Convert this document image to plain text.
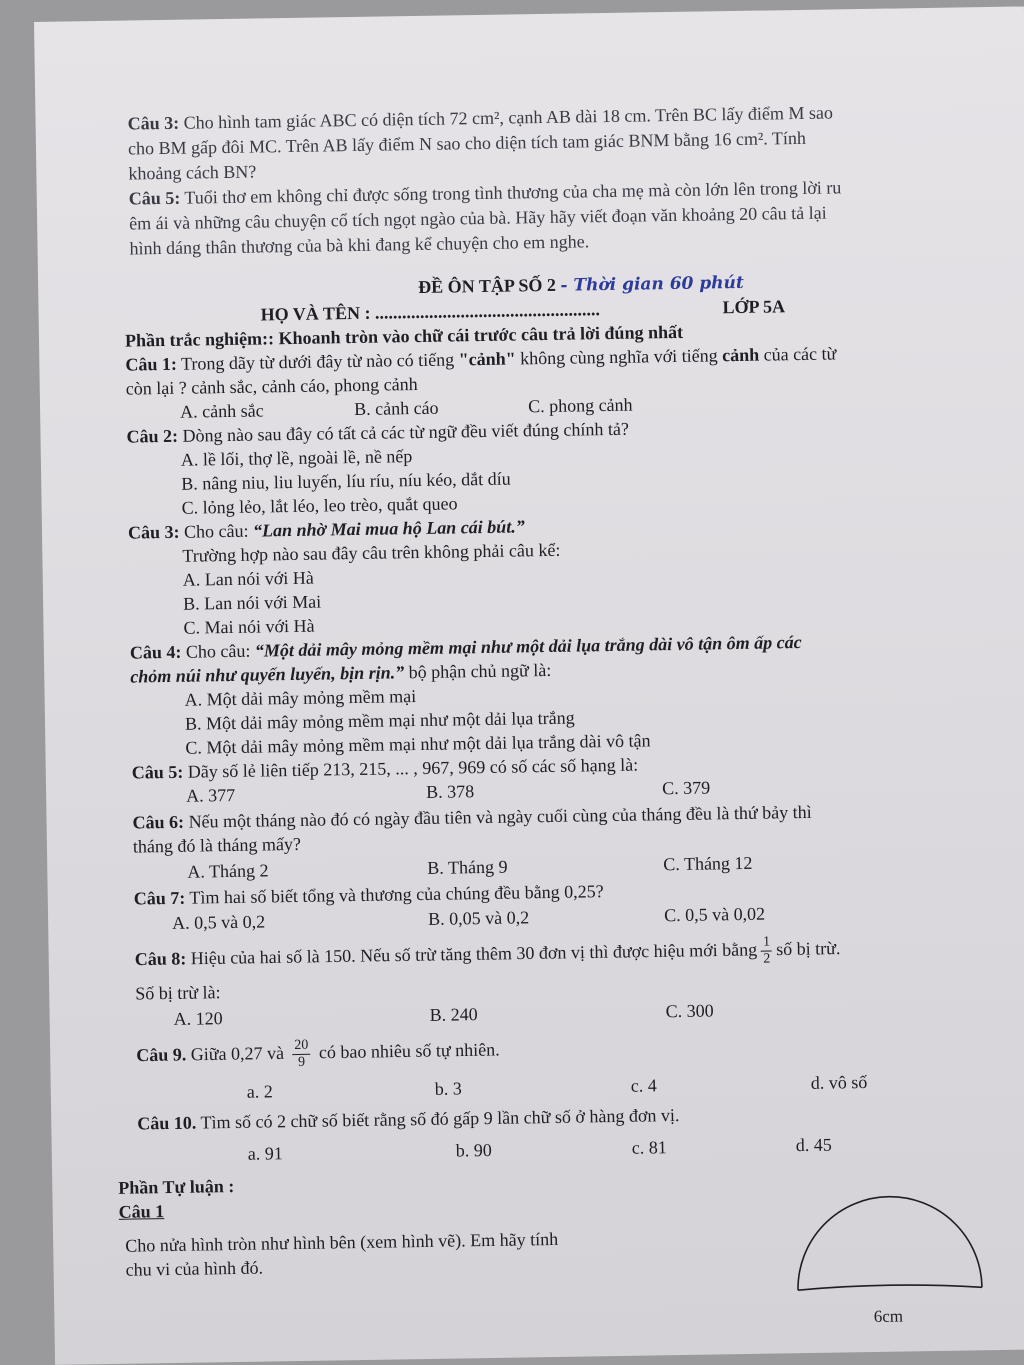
Câu 3: Cho hình tam giác ABC có diện tích 72 cm², cạnh AB dài 18 cm. Trên BC lấy điểm M sao
cho BM gấp đôi MC. Trên AB lấy điểm N sao cho diện tích tam giác BNM bằng 16 cm². Tính
khoảng cách BN?
Câu 5: Tuổi thơ em không chỉ được sống trong tình thương của cha mẹ mà còn lớn lên trong lời ru
êm ái và những câu chuyện cổ tích ngọt ngào của bà. Hãy hãy viết đoạn văn khoảng 20 câu tả lại
hình dáng thân thương của bà khi đang kể chuyện cho em nghe.
ĐỀ ÔN TẬP SỐ 2 - Thời gian 60 phút
HỌ VÀ TÊN : ..................................................	LỚP 5A
Phần trắc nghiệm:: Khoanh tròn vào chữ cái trước câu trả lời đúng nhất
Câu 1: Trong dãy từ dưới đây từ nào có tiếng "cảnh" không cùng nghĩa với tiếng cảnh của các từ
còn lại ? cảnh sắc, cảnh cáo, phong cảnh
A. cảnh sắc	B. cảnh cáo	C. phong cảnh
Câu 2: Dòng nào sau đây có tất cả các từ ngữ đều viết đúng chính tả?
A. lề lối, thợ lề, ngoài lề, nề nếp
B. nâng niu, liu luyến, líu ríu, níu kéo, dắt díu
C. lỏng lẻo, lắt léo, leo trèo, quắt queo
Câu 3: Cho câu: “Lan nhờ Mai mua hộ Lan cái bút.”
Trường hợp nào sau đây câu trên không phải câu kể:
A. Lan nói với Hà
B. Lan nói với Mai
C. Mai nói với Hà
Câu 4: Cho câu: “Một dải mây mỏng mềm mại như một dải lụa trắng dài vô tận ôm ấp các
chỏm núi như quyến luyến, bịn rịn.” bộ phận chủ ngữ là:
A. Một dải mây mỏng mềm mại
B. Một dải mây mỏng mềm mại như một dải lụa trắng
C. Một dải mây mỏng mềm mại như một dải lụa trắng dài vô tận
Câu 5: Dãy số lẻ liên tiếp 213, 215, ... , 967, 969 có số các số hạng là:
A. 377	B. 378	C. 379
Câu 6: Nếu một tháng nào đó có ngày đầu tiên và ngày cuối cùng của tháng đều là thứ bảy thì
tháng đó là tháng mấy?
A. Tháng 2	B. Tháng 9	C. Tháng 12
Câu 7: Tìm hai số biết tổng và thương của chúng đều bằng 0,25?
A. 0,5 và 0,2	B. 0,05 và 0,2	C. 0,5 và 0,02
Câu 8: Hiệu của hai số là 150. Nếu số trừ tăng thêm 30 đơn vị thì được hiệu mới bằng $\frac{1}{2}$ số bị trừ.
Số bị trừ là:
A. 120	B. 240	C. 300
Câu 9. Giữa 0,27 và $\frac{20}{9}$ có bao nhiêu số tự nhiên.
a. 2	b. 3	c. 4	d. vô số
Câu 10. Tìm số có 2 chữ số biết rằng số đó gấp 9 lần chữ số ở hàng đơn vị.
a. 91	b. 90	c. 81	d. 45
Phần Tự luận :
Câu 1
Cho nửa hình tròn như hình bên (xem hình vẽ). Em hãy tính
chu vi của hình đó.
6cm
